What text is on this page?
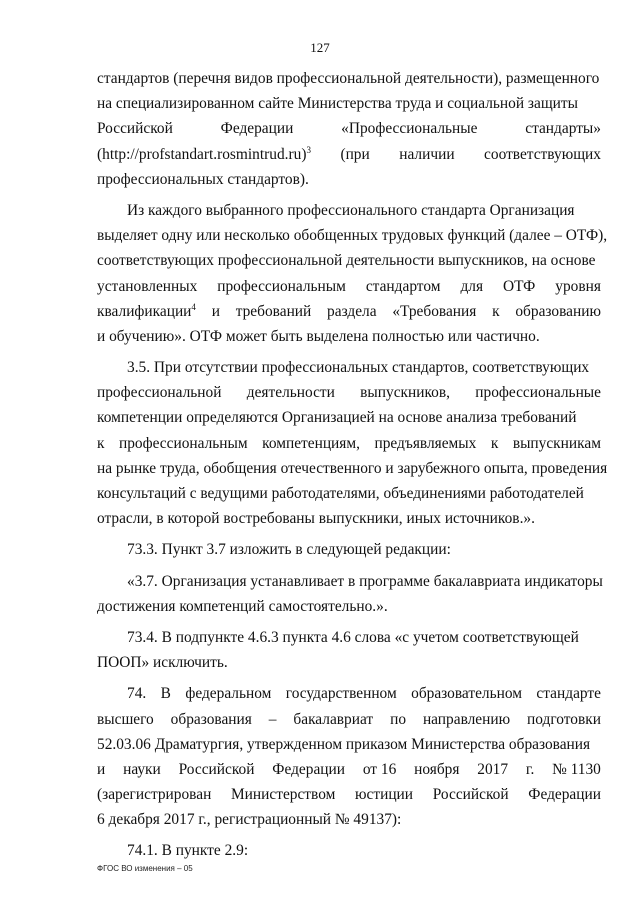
127
стандартов (перечня видов профессиональной деятельности), размещенного
на специализированном сайте Министерства труда и социальной защиты
Российской	Федерации	«Профессиональные	стандарты»
(http://profstandart.rosmintrud.ru)$^3$ (при наличии соответствующих
профессиональных стандартов).
Из каждого выбранного профессионального стандарта Организация
выделяет одну или несколько обобщенных трудовых функций (далее – ОТФ),
соответствующих профессиональной деятельности выпускников, на основе
установленных профессиональным стандартом для ОТФ уровня
квалификации$^4$ и требований раздела «Требования к образованию
и обучению». ОТФ может быть выделена полностью или частично.
3.5. При отсутствии профессиональных стандартов, соответствующих
профессиональной деятельности выпускников, профессиональные
компетенции определяются Организацией на основе анализа требований
к профессиональным компетенциям, предъявляемых к выпускникам
на рынке труда, обобщения отечественного и зарубежного опыта, проведения
консультаций с ведущими работодателями, объединениями работодателей
отрасли, в которой востребованы выпускники, иных источников.».
73.3. Пункт 3.7 изложить в следующей редакции:
«3.7. Организация устанавливает в программе бакалавриата индикаторы
достижения компетенций самостоятельно.».
73.4. В подпункте 4.6.3 пункта 4.6 слова «с учетом соответствующей
ПООП» исключить.
74. В федеральном государственном образовательном стандарте
высшего образования – бакалавриат по направлению подготовки
52.03.06 Драматургия, утвержденном приказом Министерства образования
и науки Российской Федерации от 16 ноября 2017 г. № 1130
(зарегистрирован Министерством юстиции Российской Федерации
6 декабря 2017 г., регистрационный № 49137):
74.1. В пункте 2.9:
ФГОС ВО изменения – 05
